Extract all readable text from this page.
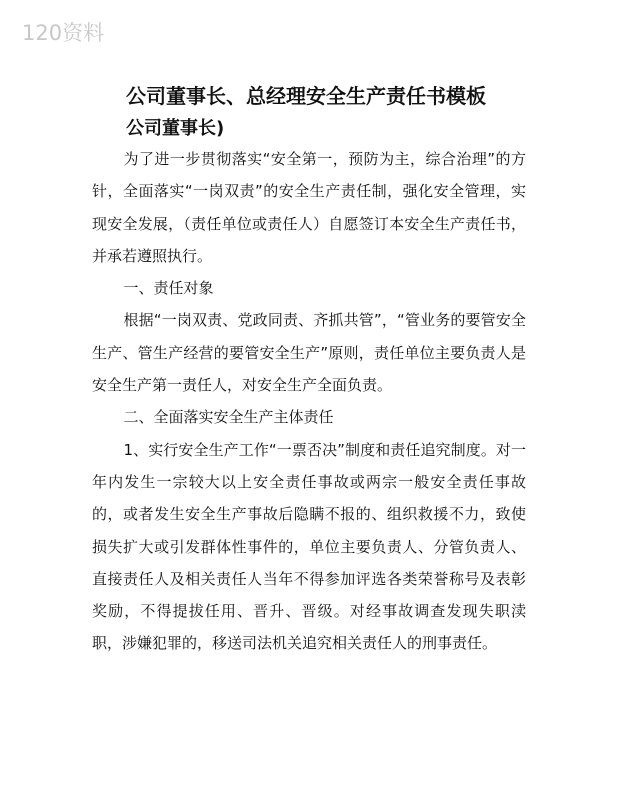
120资料
公司董事长、总经理安全生产责任书模板
公司董事长)

为了进一步贯彻落实“安全第一，预防为主，综合治理”的方针，全面落实“一岗双责”的安全生产责任制，强化安全管理，实现安全发展，（责任单位或责任人）自愿签订本安全生产责任书，并承若遵照执行。

一、责任对象

根据“一岗双责、党政同责、齐抓共管”，“管业务的要管安全生产、管生产经营的要管安全生产”原则，责任单位主要负责人是安全生产第一责任人，对安全生产全面负责。

二、全面落实安全生产主体责任

1、实行安全生产工作“一票否决”制度和责任追究制度。对一年内发生一宗较大以上安全责任事故或两宗一般安全责任事故的，或者发生安全生产事故后隐瞒不报的、组织救援不力，致使损失扩大或引发群体性事件的，单位主要负责人、分管负责人、直接责任人及相关责任人当年不得参加评选各类荣誉称号及表彰奖励，不得提拔任用、晋升、晋级。对经事故调查发现失职渎职，涉嫌犯罪的，移送司法机关追究相关责任人的刑事责任。
